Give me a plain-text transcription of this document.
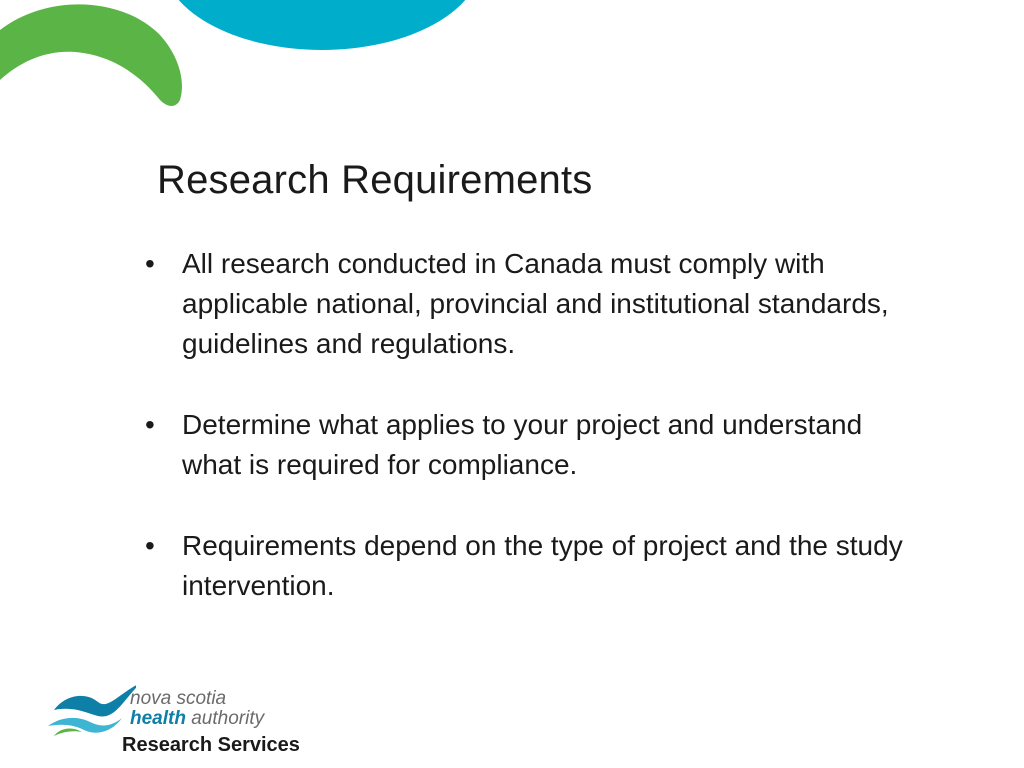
Research Requirements
• All research conducted in Canada must comply with applicable national, provincial and institutional standards, guidelines and regulations.
• Determine what applies to your project and understand what is required for compliance.
• Requirements depend on the type of project and the study intervention.
nova scotia
health authority
Research Services
